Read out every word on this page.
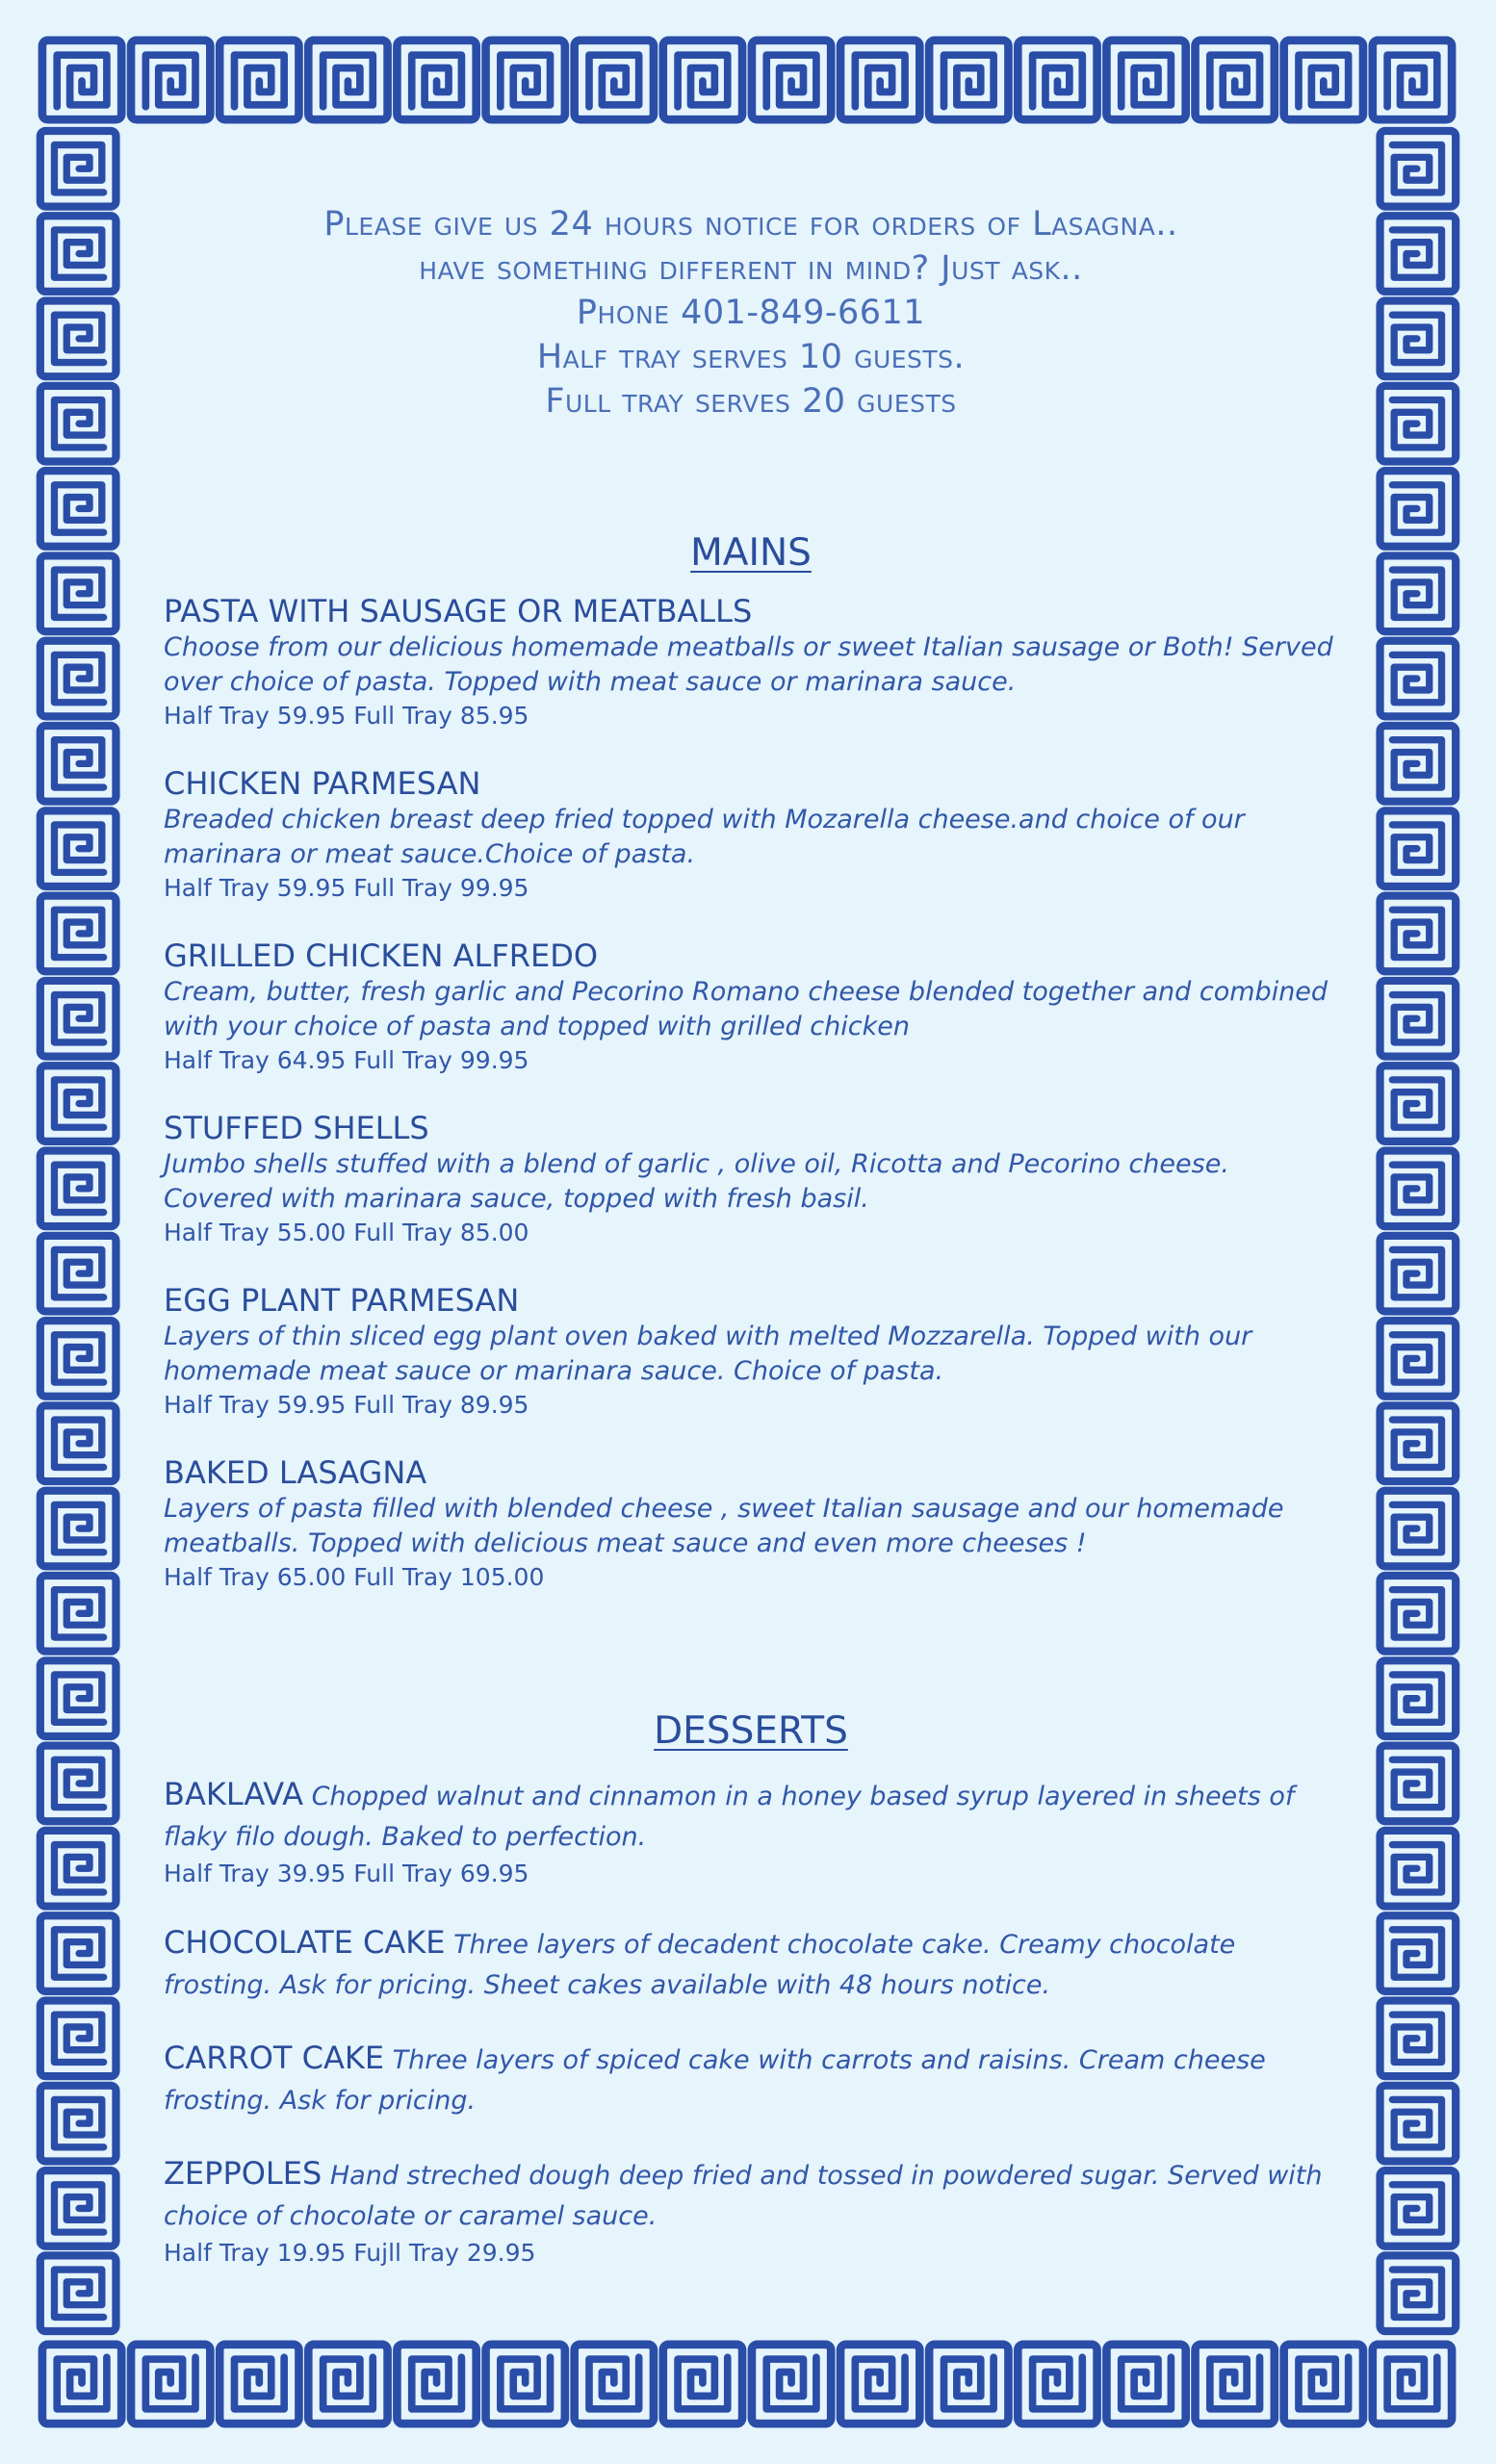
Please give us 24 hours notice for orders of Lasagna..
have something different in mind? Just ask..
Phone 401-849-6611
Half tray serves 10 guests.
Full tray serves 20 guests
MAINS
PASTA WITH SAUSAGE OR MEATBALLS
Choose from our delicious homemade meatballs or sweet Italian sausage or Both! Served over choice of pasta. Topped with meat sauce or marinara sauce.
Half Tray 59.95 Full Tray 85.95
CHICKEN PARMESAN
Breaded chicken breast deep fried topped with Mozarella cheese.and choice of our marinara or meat sauce.Choice of pasta.
Half Tray 59.95 Full Tray 99.95
GRILLED CHICKEN ALFREDO
Cream, butter, fresh garlic and Pecorino Romano cheese blended together and combined with your choice of pasta and topped with grilled chicken
Half Tray 64.95 Full Tray 99.95
STUFFED SHELLS
Jumbo shells stuffed with a blend of garlic , olive oil, Ricotta and Pecorino cheese. Covered with marinara sauce, topped with fresh basil.
Half Tray 55.00 Full Tray 85.00
EGG PLANT PARMESAN
Layers of thin sliced egg plant oven baked with melted Mozzarella. Topped with our homemade meat sauce or marinara sauce. Choice of pasta.
Half Tray 59.95 Full Tray 89.95
BAKED LASAGNA
Layers of pasta filled with blended cheese , sweet Italian sausage and our homemade meatballs. Topped with delicious meat sauce and even more cheeses !
Half Tray 65.00 Full Tray 105.00
DESSERTS
BAKLAVA Chopped walnut and cinnamon in a honey based syrup layered in sheets of flaky filo dough. Baked to perfection.
Half Tray 39.95 Full Tray 69.95
CHOCOLATE CAKE Three layers of decadent chocolate cake. Creamy chocolate frosting. Ask for pricing. Sheet cakes available with 48 hours notice.
CARROT CAKE Three layers of spiced cake with carrots and raisins. Cream cheese frosting. Ask for pricing.
ZEPPOLES Hand streched dough deep fried and tossed in powdered sugar. Served with choice of chocolate or caramel sauce.
Half Tray 19.95 Fujll Tray 29.95
